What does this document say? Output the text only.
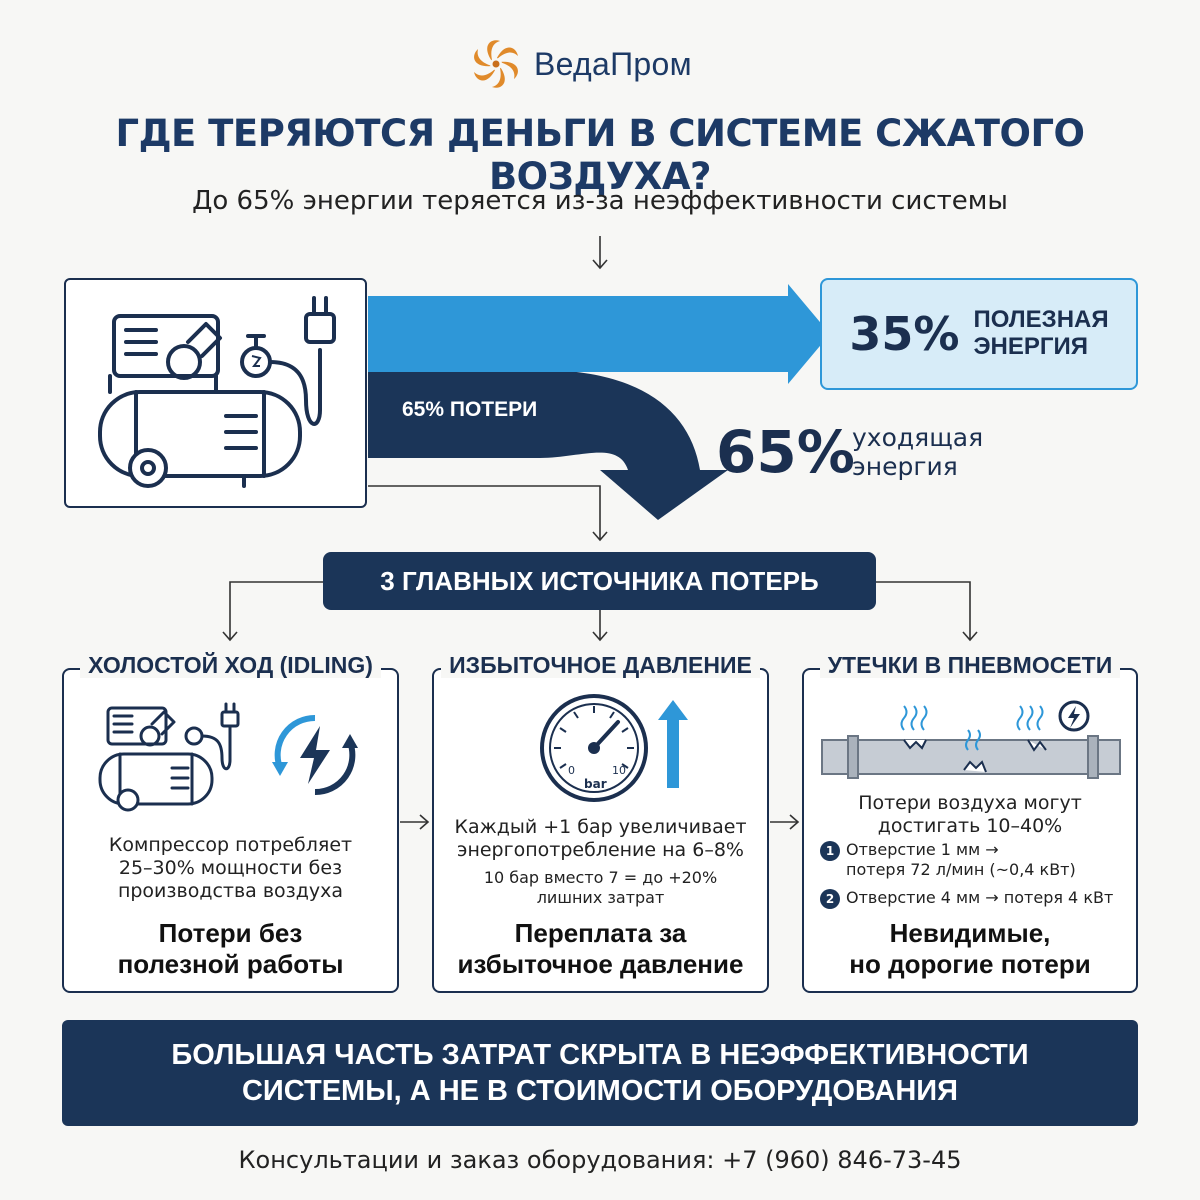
ВедаПром
ГДЕ ТЕРЯЮТСЯ ДЕНЬГИ В СИСТЕМЕ СЖАТОГО ВОЗДУХА?
До 65% энергии теряется из-за неэффективности системы
35% ПОЛЕЗНАЯ
ЭНЕРГИЯ
65% ПОТЕРИ
65%
уходящая
энергия
3 ГЛАВНЫХ ИСТОЧНИКА ПОТЕРЬ
ХОЛОСТОЙ ХОД (IDLING)
Компрессор потребляет
25–30% мощности без
производства воздуха
Потери без
полезной работы
ИЗБЫТОЧНОЕ ДАВЛЕНИЕ
0	10
bar
Каждый +1 бар увеличивает
энергопотребление на 6–8%
10 бар вместо 7 = до +20%
лишних затрат
Переплата за
избыточное давление
УТЕЧКИ В ПНЕВМОСЕТИ
Потери воздуха могут
достигать 10–40%
1 Отверстие 1 мм →
потеря 72 л/мин (~0,4 кВт)
2 Отверстие 4 мм → потеря 4 кВт
Невидимые,
но дорогие потери
БОЛЬШАЯ ЧАСТЬ ЗАТРАТ СКРЫТА В НЕЭФФЕКТИВНОСТИ
СИСТЕМЫ, А НЕ В СТОИМОСТИ ОБОРУДОВАНИЯ
Консультации и заказ оборудования: +7 (960) 846-73-45
